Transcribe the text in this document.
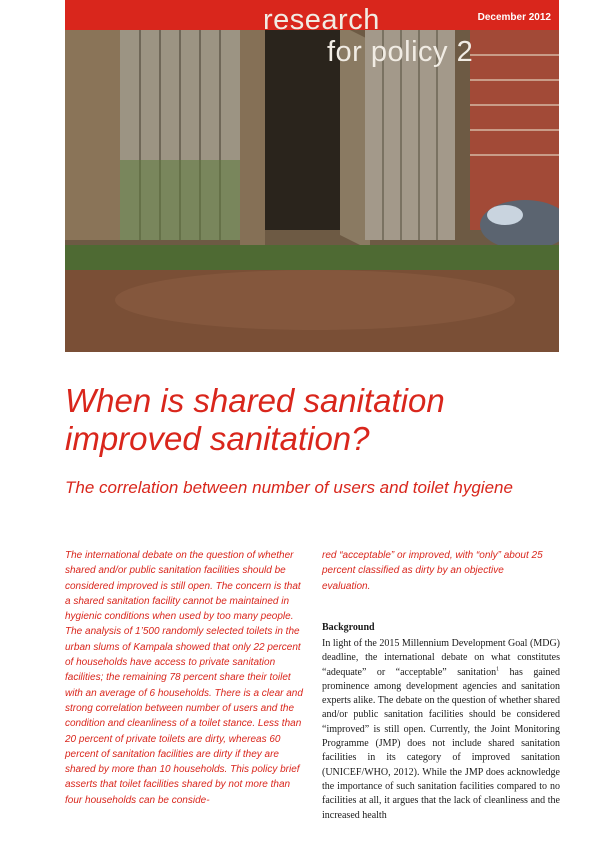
December 2012
research
for policy 2
When is shared sanitation improved sanitation?
The correlation between number of users and toilet hygiene
The international debate on the question of whether shared and/or public sanitation facilities should be considered improved is still open. The concern is that a shared sanitation facility cannot be maintained in hygienic conditions when used by too many people. The analysis of 1’500 randomly selected toilets in the urban slums of Kampala showed that only 22 percent of households have access to private sanitation facilities; the remaining 78 percent share their toilet with an average of 6 households. There is a clear and strong correlation between number of users and the condition and cleanliness of a toilet stance. Less than 20 percent of private toilets are dirty, whereas 60 percent of sanitation facilities are dirty if they are shared by more than 10 households. This policy brief asserts that toilet facilities shared by not more than four households can be conside-
red “acceptable” or improved, with “only” about 25 percent classified as dirty by an objective evaluation.
Background

In light of the 2015 Millennium Development Goal (MDG) deadline, the international debate on what constitutes “adequate” or “acceptable” sanitation$^1$ has gained prominence among development agencies and sanitation experts alike. The debate on the question of whether shared and/or public sanitation facilities should be considered “improved” is still open. Currently, the Joint Monitoring Programme (JMP) does not include shared sanitation facilities in its category of improved sanitation (UNICEF/WHO, 2012). While the JMP does acknowledge the importance of such sanitation facilities compared to no facilities at all, it argues that the lack of cleanliness and the increased health
